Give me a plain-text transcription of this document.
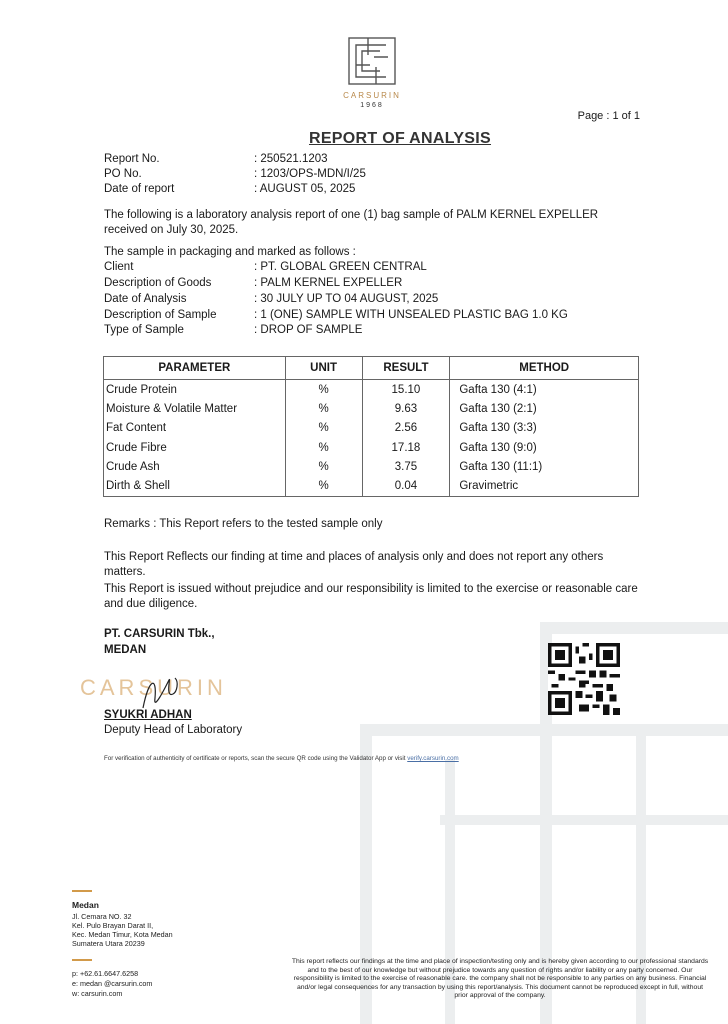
CARSURIN
1968
Page : 1 of 1
REPORT OF ANALYSIS
Report No.	: 250521.1203
PO No.	: 1203/OPS-MDN/I/25
Date of report	: AUGUST 05, 2025
The following is a laboratory analysis report of one (1) bag sample of PALM KERNEL EXPELLER received on July 30, 2025.
The sample in packaging and marked as follows :
Client	: PT. GLOBAL GREEN CENTRAL
Description of Goods	: PALM KERNEL EXPELLER
Date of Analysis	: 30 JULY UP TO 04 AUGUST, 2025
Description of Sample	: 1 (ONE) SAMPLE WITH UNSEALED PLASTIC BAG 1.0 KG
Type of Sample	: DROP OF SAMPLE
PARAMETER	UNIT	RESULT	METHOD
Crude Protein	%	15.10	Gafta 130 (4:1)
Moisture & Volatile Matter	%	9.63	Gafta 130 (2:1)
Fat Content	%	2.56	Gafta 130 (3:3)
Crude Fibre	%	17.18	Gafta 130 (9:0)
Crude Ash	%	3.75	Gafta 130 (11:1)
Dirth & Shell	%	0.04	Gravimetric
Remarks : This Report refers to the tested sample only
This Report Reflects our finding at time and places of analysis only and does not report any others matters.
This Report is issued without prejudice and our responsibility is limited to the exercise or reasonable care and due diligence.
PT. CARSURIN Tbk.,
MEDAN
CARSURIN
SYUKRI ADHAN
Deputy Head of Laboratory
For verification of authenticity of certificate or reports, scan the secure QR code using the Validator App or visit verify.carsurin.com
Medan
Jl. Cemara NO. 32
Kel. Pulo Brayan Darat II,
Kec. Medan Timur, Kota Medan
Sumatera Utara 20239
p: +62.61.6647.6258
e: medan @carsurin.com
w: carsurin.com
This report reflects our findings at the time and place of inspection/testing only and is hereby given according to our professional standards and to the best of our knowledge but without prejudice towards any question of rights and/or liability or any party concerned. Our responsibility is limited to the exercise of reasonable care. the company shall not be responsible to any parties on any business. Financial and/or legal consequences for any transaction by using this report/analysis. This document cannot be reproduced except in full, without prior approval of the company.
